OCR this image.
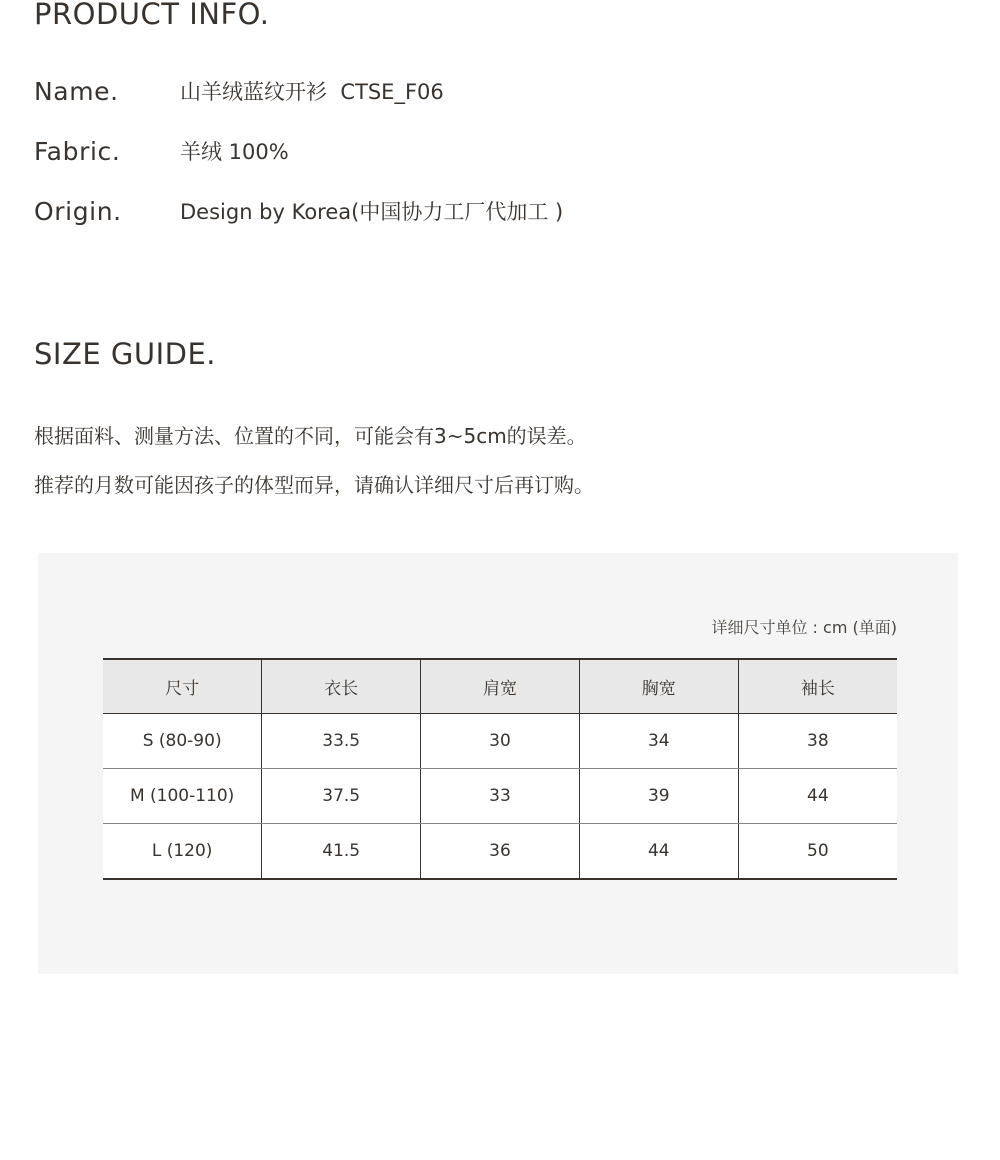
PRODUCT INFO.
Name.	山羊绒蓝纹开衫  CTSE_F06
Fabric.	羊绒 100%
Origin.	Design by Korea(中国协力工厂代加工 )
SIZE GUIDE.

根据面料、测量方法、位置的不同，可能会有3~5cm的误差。

推荐的月数可能因孩子的体型而异，请确认详细尺寸后再订购。

详细尺寸单位 : cm (单面)
尺寸	衣长	肩宽	胸宽	袖长
S (80-90)	33.5	30	34	38
M (100-110)	37.5	33	39	44
L (120)	41.5	36	44	50
